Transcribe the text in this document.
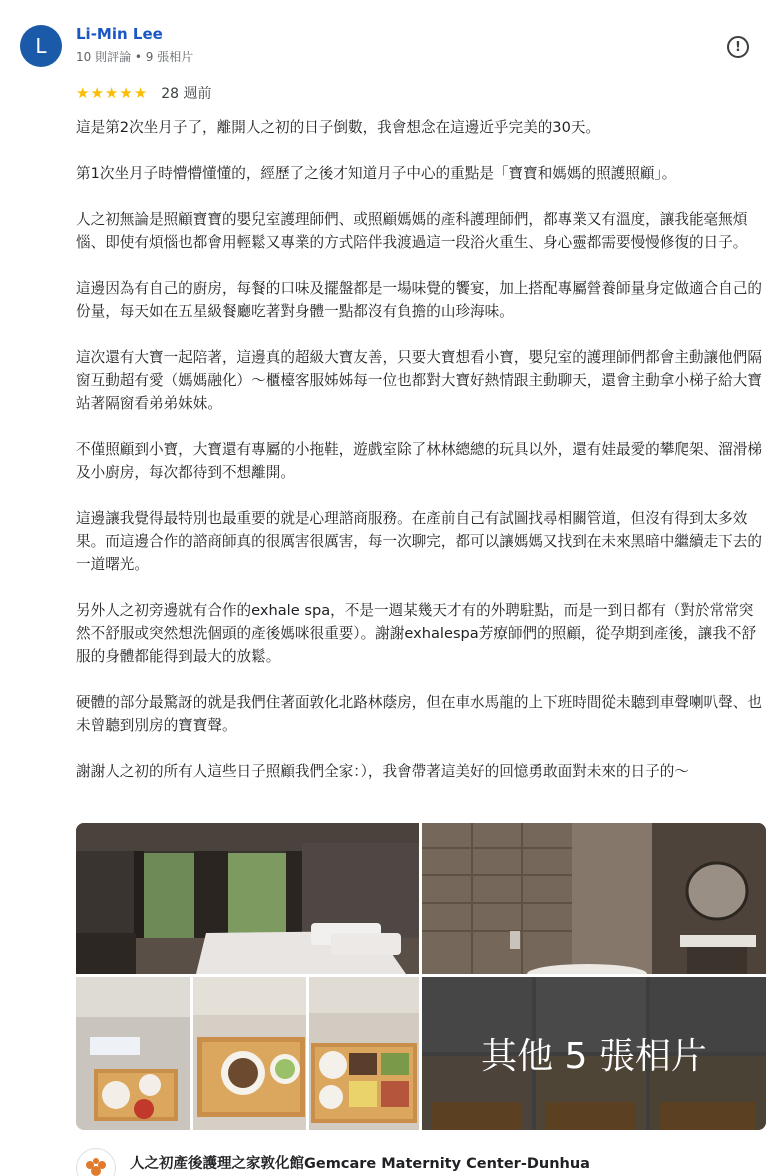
L	Li-Min Lee
10 則評論 • 9 張相片
!
★ ★ ★ ★ ★ 28 週前

這是第2次坐月子了，離開人之初的日子倒數，我會想念在這邊近乎完美的30天。

第1次坐月子時懵懵懂懂的，經歷了之後才知道月子中心的重點是「寶寶和媽媽的照護照顧」。

人之初無論是照顧寶寶的嬰兒室護理師們、或照顧媽媽的產科護理師們，都專業又有溫度，讓我能毫無煩惱、即使有煩惱也都會用輕鬆又專業的方式陪伴我渡過這一段浴火重生、身心靈都需要慢慢修復的日子。

這邊因為有自己的廚房，每餐的口味及擺盤都是一場味覺的饗宴，加上搭配專屬營養師量身定做適合自己的份量，每天如在五星級餐廳吃著對身體一點都沒有負擔的山珍海味。

這次還有大寶一起陪著，這邊真的超級大寶友善，只要大寶想看小寶，嬰兒室的護理師們都會主動讓他們隔窗互動超有愛（媽媽融化）～櫃檯客服姊姊每一位也都對大寶好熱情跟主動聊天，還會主動拿小梯子給大寶站著隔窗看弟弟妹妹。

不僅照顧到小寶，大寶還有專屬的小拖鞋，遊戲室除了林林總總的玩具以外，還有娃最愛的攀爬架、溜滑梯及小廚房，每次都待到不想離開。

這邊讓我覺得最特別也最重要的就是心理諮商服務。在產前自己有試圖找尋相關管道，但沒有得到太多效果。而這邊合作的諮商師真的很厲害很厲害，每一次聊完，都可以讓媽媽又找到在未來黑暗中繼續走下去的一道曙光。

另外人之初旁邊就有合作的exhale spa，不是一週某幾天才有的外聘駐點，而是一到日都有（對於常常突然不舒服或突然想洗個頭的產後媽咪很重要）。謝謝exhalespa芳療師們的照顧，從孕期到產後，讓我不舒服的身體都能得到最大的放鬆。

硬體的部分最驚訝的就是我們住著面敦化北路林蔭房，但在車水馬龍的上下班時間從未聽到車聲喇叭聲、也未曾聽到別房的寶寶聲。

謝謝人之初的所有人這些日子照顧我們全家：），我會帶著這美好的回憶勇敢面對未來的日子的～

其他 5 張相片
人之初產後護理之家敦化館Gemcare Maternity Center-Dunhua
